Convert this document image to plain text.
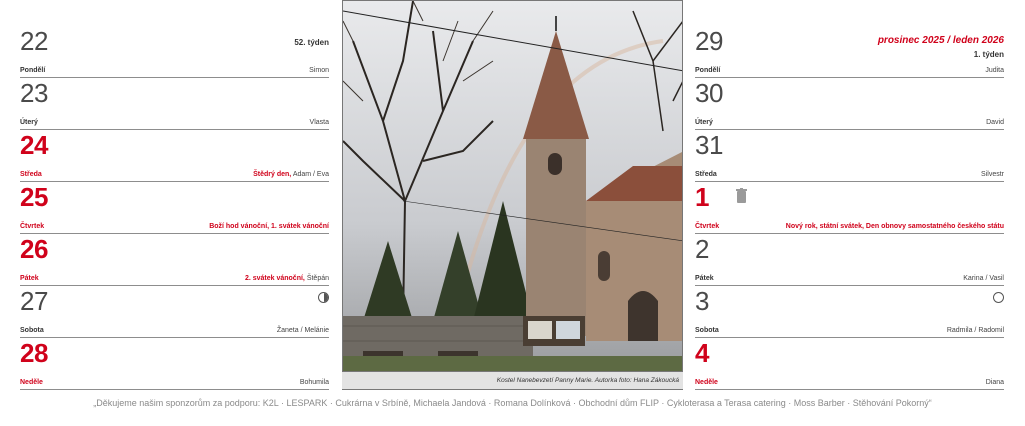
22	52. týden
Pondělí	Simon
23
Úterý	Vlasta
24
Středa	Štědrý den, Adam / Eva
25
Čtvrtek	Boží hod vánoční, 1. svátek vánoční
26
Pátek	2. svátek vánoční, Štěpán
27
Sobota	Žaneta / Melánie
28
Neděle	Bohumila	Kostel Nanebevzetí Panny Marie. Autorka foto: Hana Zákoucká
prosinec 2025 / leden 2026
29	1. týden
Pondělí	Judita
30
Úterý	David
31
Středa	Silvestr
1
Čtvrtek	Nový rok, státní svátek, Den obnovy samostatného českého státu
2
Pátek	Karina / Vasil
3
Sobota	Radmila / Radomil
4
Neděle	Diana
„Děkujeme našim sponzorům za podporu: K2L · LESPARK · Cukrárna v Srbíně, Michaela Jandová · Romana Dolínková · Obchodní dům FLIP · Cykloterasa a Terasa catering · Moss Barber · Stěhování Pokorný“
